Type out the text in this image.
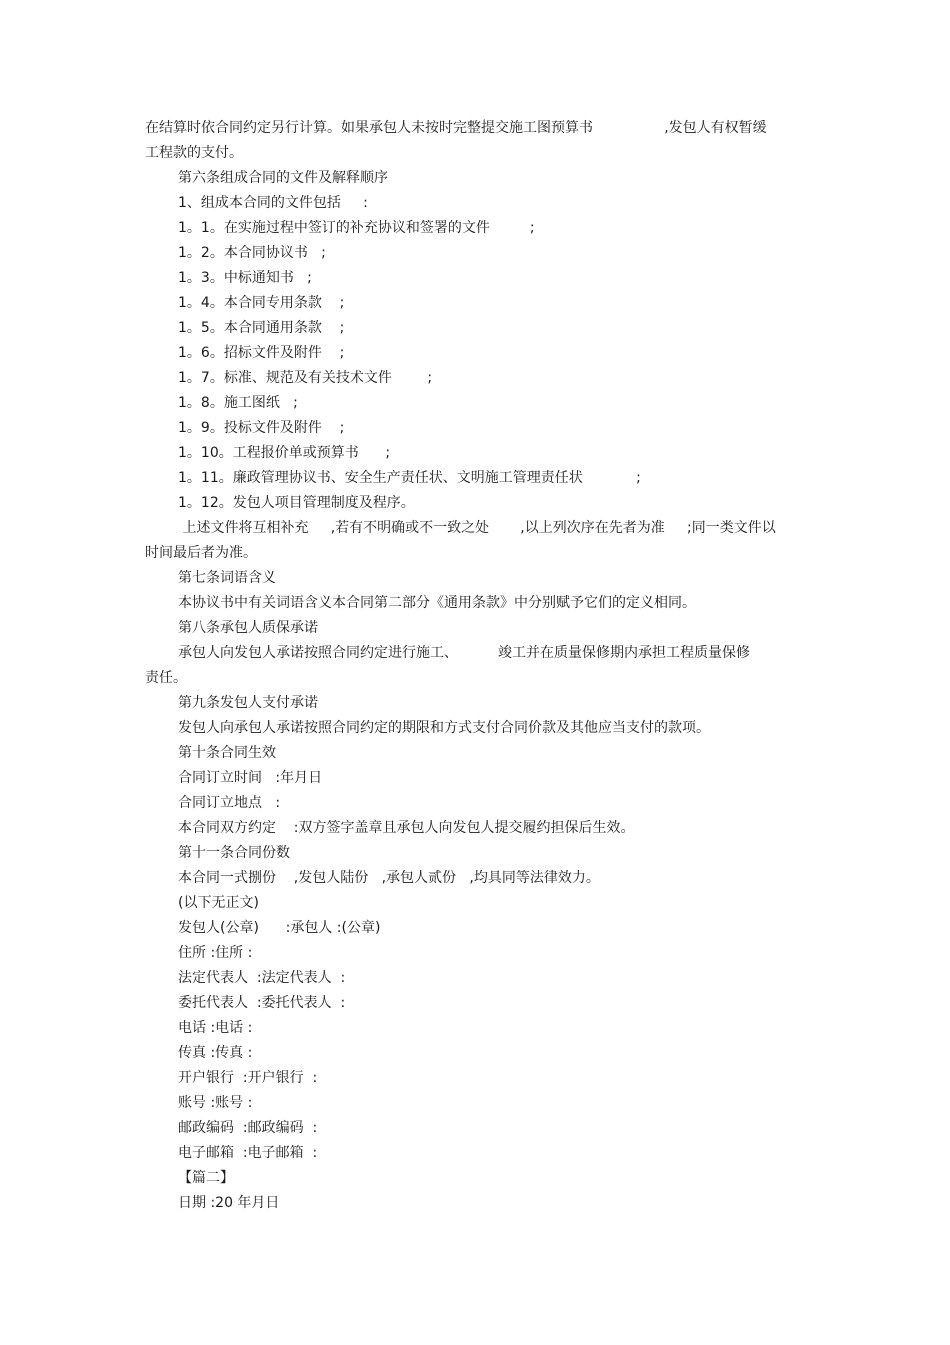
在结算时依合同约定另行计算。如果承包人未按时完整提交施工图预算书                ,发包人有权暂缓
工程款的支付。
第六条组成合同的文件及解释顺序
1、组成本合同的文件包括     :
1。1。在实施过程中签订的补充协议和签署的文件         ;
1。2。本合同协议书   ;
1。3。中标通知书   ;
1。4。本合同专用条款    ;
1。5。本合同通用条款    ;
1。6。招标文件及附件    ;
1。7。标准、规范及有关技术文件        ;
1。8。施工图纸   ;
1。9。投标文件及附件    ;
1。10。工程报价单或预算书      ;
1。11。廉政管理协议书、安全生产责任状、文明施工管理责任状            ;
1。12。发包人项目管理制度及程序。
上述文件将互相补充     ,若有不明确或不一致之处       ,以上列次序在先者为准     ;同一类文件以
时间最后者为准。
第七条词语含义
本协议书中有关词语含义本合同第二部分《通用条款》中分别赋予它们的定义相同。
第八条承包人质保承诺
承包人向发包人承诺按照合同约定进行施工、         竣工并在质量保修期内承担工程质量保修
责任。
第九条发包人支付承诺
发包人向承包人承诺按照合同约定的期限和方式支付合同价款及其他应当支付的款项。
第十条合同生效
合同订立时间   :年月日
合同订立地点   :
本合同双方约定    :双方签字盖章且承包人向发包人提交履约担保后生效。
第十一条合同份数
本合同一式捌份    ,发包人陆份   ,承包人贰份   ,均具同等法律效力。
(以下无正文)
发包人(公章)      :承包人 :(公章)
住所 :住所 :
法定代表人  :法定代表人  :
委托代表人  :委托代表人  :
电话 :电话 :
传真 :传真 :
开户银行  :开户银行  :
账号 :账号 :
邮政编码  :邮政编码  :
电子邮箱  :电子邮箱  :
【篇二】
日期 :20 年月日
